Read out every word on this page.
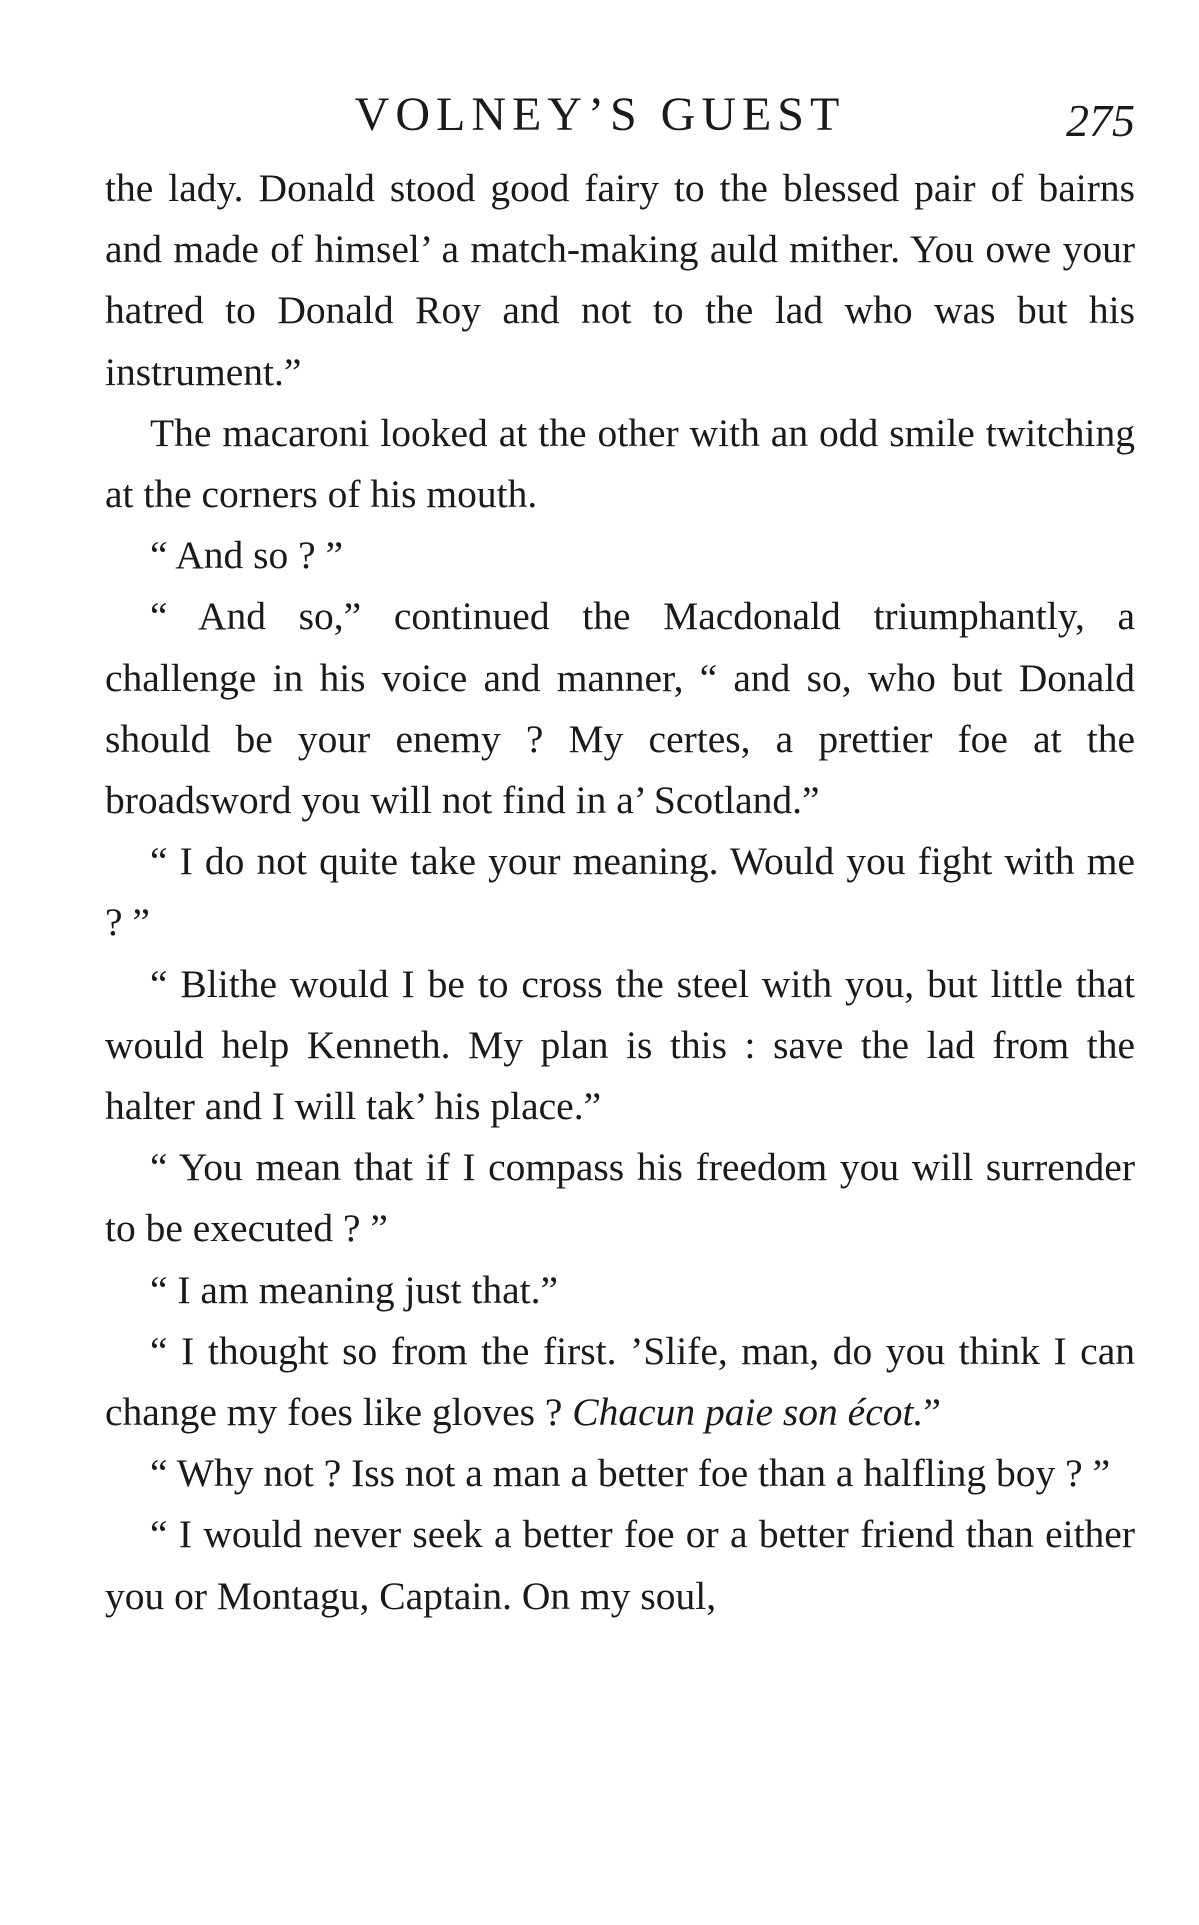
VOLNEY’S GUEST	275

the lady. Donald stood good fairy to the blessed pair of bairns and made of himsel’ a match-making auld mither. You owe your hatred to Donald Roy and not to the lad who was but his instrument.”

The macaroni looked at the other with an odd smile twitching at the corners of his mouth.

“ And so ? ”

“ And so,” continued the Macdonald triumphantly, a challenge in his voice and manner, “ and so, who but Donald should be your enemy ? My certes, a prettier foe at the broadsword you will not find in a’ Scotland.”

“ I do not quite take your meaning. Would you fight with me ? ”

“ Blithe would I be to cross the steel with you, but little that would help Kenneth. My plan is this : save the lad from the halter and I will tak’ his place.”

“ You mean that if I compass his freedom you will surrender to be executed ? ”

“ I am meaning just that.”

“ I thought so from the first. ’Slife, man, do you think I can change my foes like gloves ? Chacun paie son écot.”

“ Why not ? Iss not a man a better foe than a halfling boy ? ”

“ I would never seek a better foe or a better friend than either you or Montagu, Captain. On my soul,
